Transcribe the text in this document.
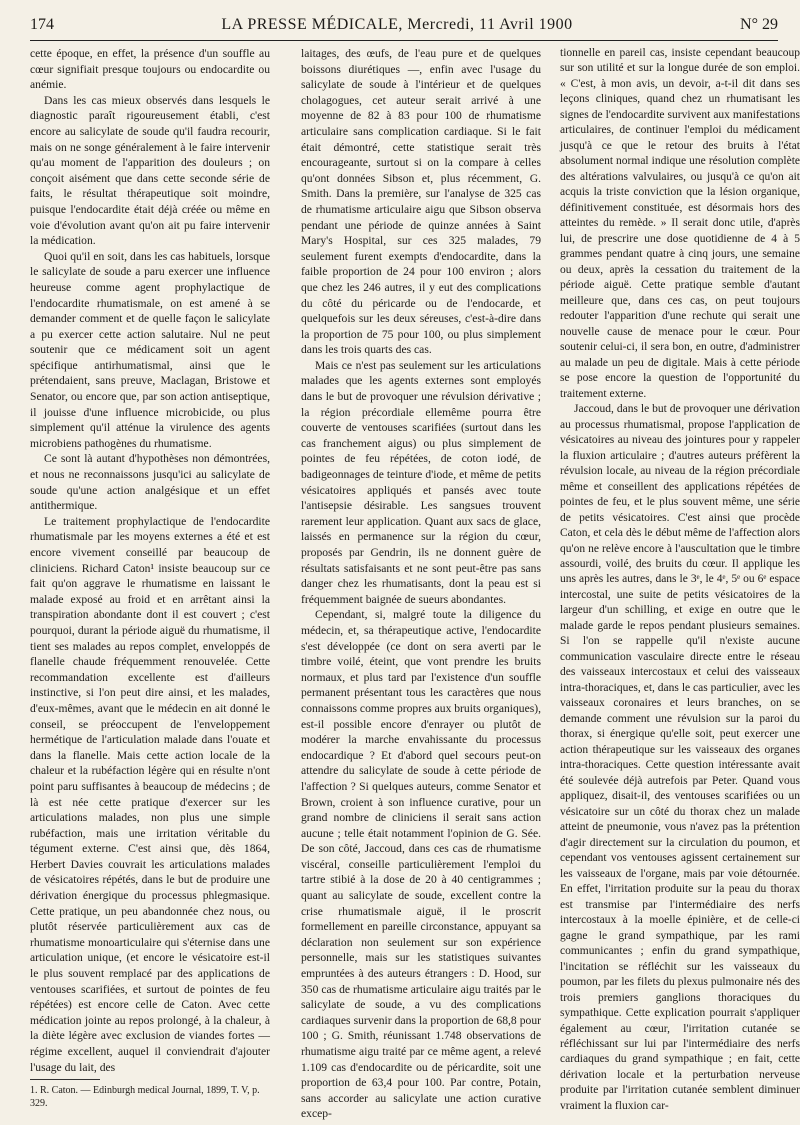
174	LA PRESSE MÉDICALE, Mercredi, 11 Avril 1900	N° 29

cette époque, en effet, la présence d'un souffle au cœur signifiait presque toujours ou endocardite ou anémie.

Dans les cas mieux observés dans lesquels le diagnostic paraît rigoureusement établi, c'est encore au salicylate de soude qu'il faudra recourir, mais on ne songe généralement à le faire intervenir qu'au moment de l'apparition des douleurs ; on conçoit aisément que dans cette seconde série de faits, le résultat thérapeutique soit moindre, puisque l'endocardite était déjà créée ou même en voie d'évolution avant qu'on ait pu faire intervenir la médication.

Quoi qu'il en soit, dans les cas habituels, lorsque le salicylate de soude a paru exercer une influence heureuse comme agent prophylactique de l'endocardite rhumatismale, on est amené à se demander comment et de quelle façon le salicylate a pu exercer cette action salutaire. Nul ne peut soutenir que ce médicament soit un agent spécifique antirhumatismal, ainsi que le prétendaient, sans preuve, Maclagan, Bristowe et Senator, ou encore que, par son action antiseptique, il jouisse d'une influence microbicide, ou plus simplement qu'il atténue la virulence des agents microbiens pathogènes du rhumatisme.

Ce sont là autant d'hypothèses non démontrées, et nous ne reconnaissons jusqu'ici au salicylate de soude qu'une action analgésique et un effet antithermique.

Le traitement prophylactique de l'endocardite rhumatismale par les moyens externes a été et est encore vivement conseillé par beaucoup de cliniciens. Richard Caton¹ insiste beaucoup sur ce fait qu'on aggrave le rhumatisme en laissant le malade exposé au froid et en arrêtant ainsi la transpiration abondante dont il est couvert ; c'est pourquoi, durant la période aiguë du rhumatisme, il tient ses malades au repos complet, enveloppés de flanelle chaude fréquemment renouvelée. Cette recommandation excellente est d'ailleurs instinctive, si l'on peut dire ainsi, et les malades, d'eux-mêmes, avant que le médecin en ait donné le conseil, se préoccupent de l'enveloppement hermétique de l'articulation malade dans l'ouate et dans la flanelle. Mais cette action locale de la chaleur et la rubéfaction légère qui en résulte n'ont point paru suffisantes à beaucoup de médecins ; de là est née cette pratique d'exercer sur les articulations malades, non plus une simple rubéfaction, mais une irritation véritable du tégument externe. C'est ainsi que, dès 1864, Herbert Davies couvrait les articulations malades de vésicatoires répétés, dans le but de produire une dérivation énergique du processus phlegmasique. Cette pratique, un peu abandonnée chez nous, ou plutôt réservée particulièrement aux cas de rhumatisme monoarticulaire qui s'éternise dans une articulation unique, (et encore le vésicatoire est-il le plus souvent remplacé par des applications de ventouses scarifiées, et surtout de pointes de feu répétées) est encore celle de Caton. Avec cette médication jointe au repos prolongé, à la chaleur, à la diète légère avec exclusion de viandes fortes — régime excellent, auquel il conviendrait d'ajouter l'usage du lait, des

laitages, des œufs, de l'eau pure et de quelques boissons diurétiques —, enfin avec l'usage du salicylate de soude à l'intérieur et de quelques cholagogues, cet auteur serait arrivé à une moyenne de 82 à 83 pour 100 de rhumatisme articulaire sans complication cardiaque. Si le fait était démontré, cette statistique serait très encourageante, surtout si on la compare à celles qu'ont données Sibson et, plus récemment, G. Smith. Dans la première, sur l'analyse de 325 cas de rhumatisme articulaire aigu que Sibson observa pendant une période de quinze années à Saint Mary's Hospital, sur ces 325 malades, 79 seulement furent exempts d'endocardite, dans la faible proportion de 24 pour 100 environ ; alors que chez les 246 autres, il y eut des complications du côté du péricarde ou de l'endocarde, et quelquefois sur les deux séreuses, c'est-à-dire dans la proportion de 75 pour 100, ou plus simplement dans les trois quarts des cas.

Mais ce n'est pas seulement sur les articulations malades que les agents externes sont employés dans le but de provoquer une révulsion dérivative ; la région précordiale ellemême pourra être couverte de ventouses scarifiées (surtout dans les cas franchement aigus) ou plus simplement de pointes de feu répétées, de coton iodé, de badigeonnages de teinture d'iode, et même de petits vésicatoires appliqués et pansés avec toute l'antisepsie désirable. Les sangsues trouvent rarement leur application. Quant aux sacs de glace, laissés en permanence sur la région du cœur, proposés par Gendrin, ils ne donnent guère de résultats satisfaisants et ne sont peut-être pas sans danger chez les rhumatisants, dont la peau est si fréquemment baignée de sueurs abondantes.

Cependant, si, malgré toute la diligence du médecin, et, sa thérapeutique active, l'endocardite s'est développée (ce dont on sera averti par le timbre voilé, éteint, que vont prendre les bruits normaux, et plus tard par l'existence d'un souffle permanent présentant tous les caractères que nous connaissons comme propres aux bruits organiques), est-il possible encore d'enrayer ou plutôt de modérer la marche envahissante du processus endocardique ? Et d'abord quel secours peut-on attendre du salicylate de soude à cette période de l'affection ? Si quelques auteurs, comme Senator et Brown, croient à son influence curative, pour un grand nombre de cliniciens il serait sans action aucune ; telle était notamment l'opinion de G. Sée. De son côté, Jaccoud, dans ces cas de rhumatisme viscéral, conseille particulièrement l'emploi du tartre stibié à la dose de 20 à 40 centigrammes ; quant au salicylate de soude, excellent contre la crise rhumatismale aiguë, il le proscrit formellement en pareille circonstance, appuyant sa déclaration non seulement sur son expérience personnelle, mais sur les statistiques suivantes empruntées à des auteurs étrangers : D. Hood, sur 350 cas de rhumatisme articulaire aigu traités par le salicylate de soude, a vu des complications cardiaques survenir dans la proportion de 68,8 pour 100 ; G. Smith, réunissant 1.748 observations de rhumatisme aigu traité par ce même agent, a relevé 1.109 cas d'endocardite ou de péricardite, soit une proportion de 63,4 pour 100. Par contre, Potain, sans accorder au salicylate une action curative excep-

tionnelle en pareil cas, insiste cependant beaucoup sur son utilité et sur la longue durée de son emploi. « C'est, à mon avis, un devoir, a-t-il dit dans ses leçons cliniques, quand chez un rhumatisant les signes de l'endocardite survivent aux manifestations articulaires, de continuer l'emploi du médicament jusqu'à ce que le retour des bruits à l'état absolument normal indique une résolution complète des altérations valvulaires, ou jusqu'à ce qu'on ait acquis la triste conviction que la lésion organique, définitivement constituée, est désormais hors des atteintes du remède. » Il serait donc utile, d'après lui, de prescrire une dose quotidienne de 4 à 5 grammes pendant quatre à cinq jours, une semaine ou deux, après la cessation du traitement de la période aiguë. Cette pratique semble d'autant meilleure que, dans ces cas, on peut toujours redouter l'apparition d'une rechute qui serait une nouvelle cause de menace pour le cœur. Pour soutenir celui-ci, il sera bon, en outre, d'administrer au malade un peu de digitale. Mais à cette période se pose encore la question de l'opportunité du traitement externe.

Jaccoud, dans le but de provoquer une dérivation au processus rhumatismal, propose l'application de vésicatoires au niveau des jointures pour y rappeler la fluxion articulaire ; d'autres auteurs préfèrent la révulsion locale, au niveau de la région précordiale même et conseillent des applications répétées de pointes de feu, et le plus souvent même, une série de petits vésicatoires. C'est ainsi que procède Caton, et cela dès le début même de l'affection alors qu'on ne relève encore à l'auscultation que le timbre assourdi, voilé, des bruits du cœur. Il applique les uns après les autres, dans le 3ᵉ, le 4ᵉ, 5ᵉ ou 6ᵉ espace intercostal, une suite de petits vésicatoires de la largeur d'un schilling, et exige en outre que le malade garde le repos pendant plusieurs semaines. Si l'on se rappelle qu'il n'existe aucune communication vasculaire directe entre le réseau des vaisseaux intercostaux et celui des vaisseaux intra-thoraciques, et, dans le cas particulier, avec les vaisseaux coronaires et leurs branches, on se demande comment une révulsion sur la paroi du thorax, si énergique qu'elle soit, peut exercer une action thérapeutique sur les vaisseaux des organes intra-thoraciques. Cette question intéressante avait été soulevée déjà autrefois par Peter. Quand vous appliquez, disait-il, des ventouses scarifiées ou un vésicatoire sur un côté du thorax chez un malade atteint de pneumonie, vous n'avez pas la prétention d'agir directement sur la circulation du poumon, et cependant vos ventouses agissent certainement sur les vaisseaux de l'organe, mais par voie détournée. En effet, l'irritation produite sur la peau du thorax est transmise par l'intermédiaire des nerfs intercostaux à la moelle épinière, et de celle-ci gagne le grand sympathique, par les rami communicantes ; enfin du grand sympathique, l'incitation se réfléchit sur les vaisseaux du poumon, par les filets du plexus pulmonaire nés des trois premiers ganglions thoraciques du sympathique. Cette explication pourrait s'appliquer également au cœur, l'irritation cutanée se réfléchissant sur lui par l'intermédiaire des nerfs cardiaques du grand sympathique ; en fait, cette dérivation locale et la perturbation nerveuse produite par l'irritation cutanée semblent diminuer vraiment la fluxion car-

1. R. Caton. — Edinburgh medical Journal, 1899, T. V, p. 329.
